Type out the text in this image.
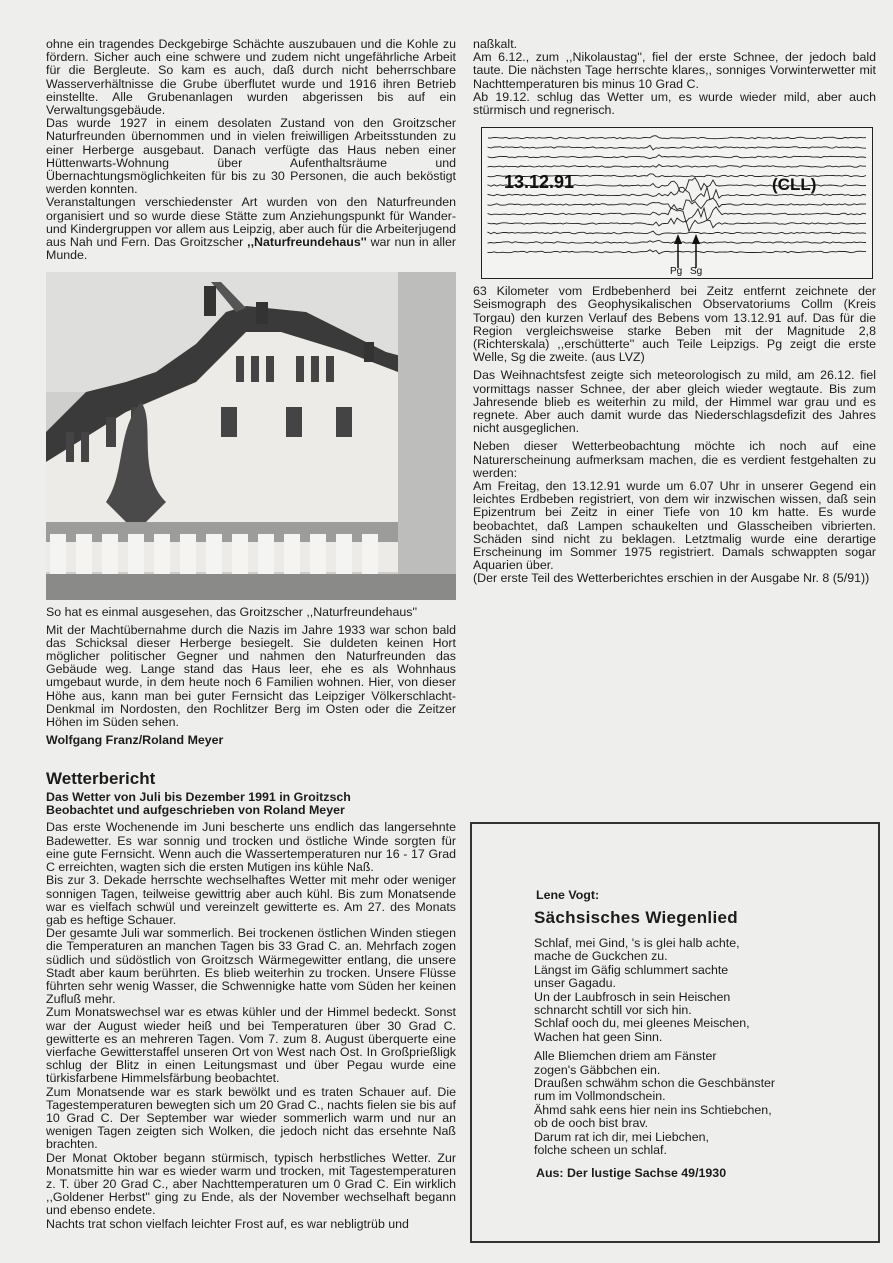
ohne ein tragendes Deckgebirge Schächte auszubauen und die Kohle zu fördern. Sicher auch eine schwere und zudem nicht ungefährliche Arbeit für die Bergleute. So kam es auch, daß durch nicht beherrschbare Wasserverhältnisse die Grube überflutet wurde und 1916 ihren Betrieb einstellte. Alle Grubenanlagen wurden abgerissen bis auf ein Verwaltungsgebäude.

Das wurde 1927 in einem desolaten Zustand von den Groitzscher Naturfreunden übernommen und in vielen freiwilligen Arbeitsstunden zu einer Herberge ausgebaut. Danach verfügte das Haus neben einer Hüttenwarts-Wohnung über Aufenthaltsräume und Übernachtungsmöglichkeiten für bis zu 30 Personen, die auch beköstigt werden konnten.

Veranstaltungen verschiedenster Art wurden von den Naturfreunden organisiert und so wurde diese Stätte zum Anziehungspunkt für Wander- und Kindergruppen vor allem aus Leipzig, aber auch für die Arbeiterjugend aus Nah und Fern. Das Groitzscher ,,Naturfreundehaus'' war nun in aller Munde.

So hat es einmal ausgesehen, das Groitzscher ,,Naturfreundehaus''

Mit der Machtübernahme durch die Nazis im Jahre 1933 war schon bald das Schicksal dieser Herberge besiegelt. Sie duldeten keinen Hort möglicher politischer Gegner und nahmen den Naturfreunden das Gebäude weg. Lange stand das Haus leer, ehe es als Wohnhaus umgebaut wurde, in dem heute noch 6 Familien wohnen. Hier, von dieser Höhe aus, kann man bei guter Fernsicht das Leipziger Völkerschlacht-Denkmal im Nordosten, den Rochlitzer Berg im Osten oder die Zeitzer Höhen im Süden sehen.

Wolfgang Franz/Roland Meyer

Wetterbericht
Das Wetter von Juli bis Dezember 1991 in Groitzsch
Beobachtet und aufgeschrieben von Roland Meyer

Das erste Wochenende im Juni bescherte uns endlich das langersehnte Badewetter. Es war sonnig und trocken und östliche Winde sorgten für eine gute Fernsicht. Wenn auch die Wassertemperaturen nur 16 - 17 Grad C erreichten, wagten sich die ersten Mutigen ins kühle Naß.

Bis zur 3. Dekade herrschte wechselhaftes Wetter mit mehr oder weniger sonnigen Tagen, teilweise gewittrig aber auch kühl. Bis zum Monatsende war es vielfach schwül und vereinzelt gewitterte es. Am 27. des Monats gab es heftige Schauer.

Der gesamte Juli war sommerlich. Bei trockenen östlichen Winden stiegen die Temperaturen an manchen Tagen bis 33 Grad C. an. Mehrfach zogen südlich und südöstlich von Groitzsch Wärmegewitter entlang, die unsere Stadt aber kaum berührten. Es blieb weiterhin zu trocken. Unsere Flüsse führten sehr wenig Wasser, die Schwennigke hatte vom Süden her keinen Zufluß mehr.

Zum Monatswechsel war es etwas kühler und der Himmel bedeckt. Sonst war der August wieder heiß und bei Temperaturen über 30 Grad C. gewitterte es an mehreren Tagen. Vom 7. zum 8. August überquerte eine vierfache Gewitterstaffel unseren Ort von West nach Ost. In Großprießligk schlug der Blitz in einen Leitungsmast und über Pegau wurde eine türkisfarbene Himmelsfärbung beobachtet.

Zum Monatsende war es stark bewölkt und es traten Schauer auf. Die Tagestemperaturen bewegten sich um 20 Grad C., nachts fielen sie bis auf 10 Grad C. Der September war wieder sommerlich warm und nur an wenigen Tagen zeigten sich Wolken, die jedoch nicht das ersehnte Naß brachten.

Der Monat Oktober begann stürmisch, typisch herbstliches Wetter. Zur Monatsmitte hin war es wieder warm und trocken, mit Tagestemperaturen z. T. über 20 Grad C., aber Nachttemperaturen um 0 Grad C. Ein wirklich ,,Goldener Herbst'' ging zu Ende, als der November wechselhaft begann und ebenso endete.

Nachts trat schon vielfach leichter Frost auf, es war nebligtrüb und

naßkalt.

Am 6.12., zum ,,Nikolaustag'', fiel der erste Schnee, der jedoch bald taute. Die nächsten Tage herrschte klares,, sonniges Vorwinterwetter mit Nachttemperaturen bis minus 10 Grad C.

Ab 19.12. schlug das Wetter um, es wurde wieder mild, aber auch stürmisch und regnerisch.

13.12.91	(CLL)
Pg Sg

63 Kilometer vom Erdbebenherd bei Zeitz entfernt zeichnete der Seismograph des Geophysikalischen Observatoriums Collm (Kreis Torgau) den kurzen Verlauf des Bebens vom 13.12.91 auf. Das für die Region vergleichsweise starke Beben mit der Magnitude 2,8 (Richterskala) ,,erschütterte'' auch Teile Leipzigs. Pg zeigt die erste Welle, Sg die zweite. (aus LVZ)

Das Weihnachtsfest zeigte sich meteorologisch zu mild, am 26.12. fiel vormittags nasser Schnee, der aber gleich wieder wegtaute. Bis zum Jahresende blieb es weiterhin zu mild, der Himmel war grau und es regnete. Aber auch damit wurde das Niederschlagsdefizit des Jahres nicht ausgeglichen.

Neben dieser Wetterbeobachtung möchte ich noch auf eine Naturerscheinung aufmerksam machen, die es verdient festgehalten zu werden:

Am Freitag, den 13.12.91 wurde um 6.07 Uhr in unserer Gegend ein leichtes Erdbeben registriert, von dem wir inzwischen wissen, daß sein Epizentrum bei Zeitz in einer Tiefe von 10 km hatte. Es wurde beobachtet, daß Lampen schaukelten und Glasscheiben vibrierten. Schäden sind nicht zu beklagen. Letztmalig wurde eine derartige Erscheinung im Sommer 1975 registriert. Damals schwappten sogar Aquarien über.

(Der erste Teil des Wetterberichtes erschien in der Ausgabe Nr. 8 (5/91))

Lene Vogt:
Sächsisches Wiegenlied
Schlaf, mei Gind, 's is glei halb achte,
mache de Guckchen zu.
Längst im Gäfig schlummert sachte
unser Gagadu.
Un der Laubfrosch in sein Heischen
schnarcht schtill vor sich hin.
Schlaf ooch du, mei gleenes Meischen,
Wachen hat geen Sinn.
Alle Bliemchen driem am Fänster
zogen's Gäbbchen ein.
Draußen schwähm schon die Geschbänster
rum im Vollmondschein.
Ähmd sahk eens hier nein ins Schtiebchen,
ob de ooch bist brav.
Darum rat ich dir, mei Liebchen,
folche scheen un schlaf.
Aus: Der lustige Sachse 49/1930
